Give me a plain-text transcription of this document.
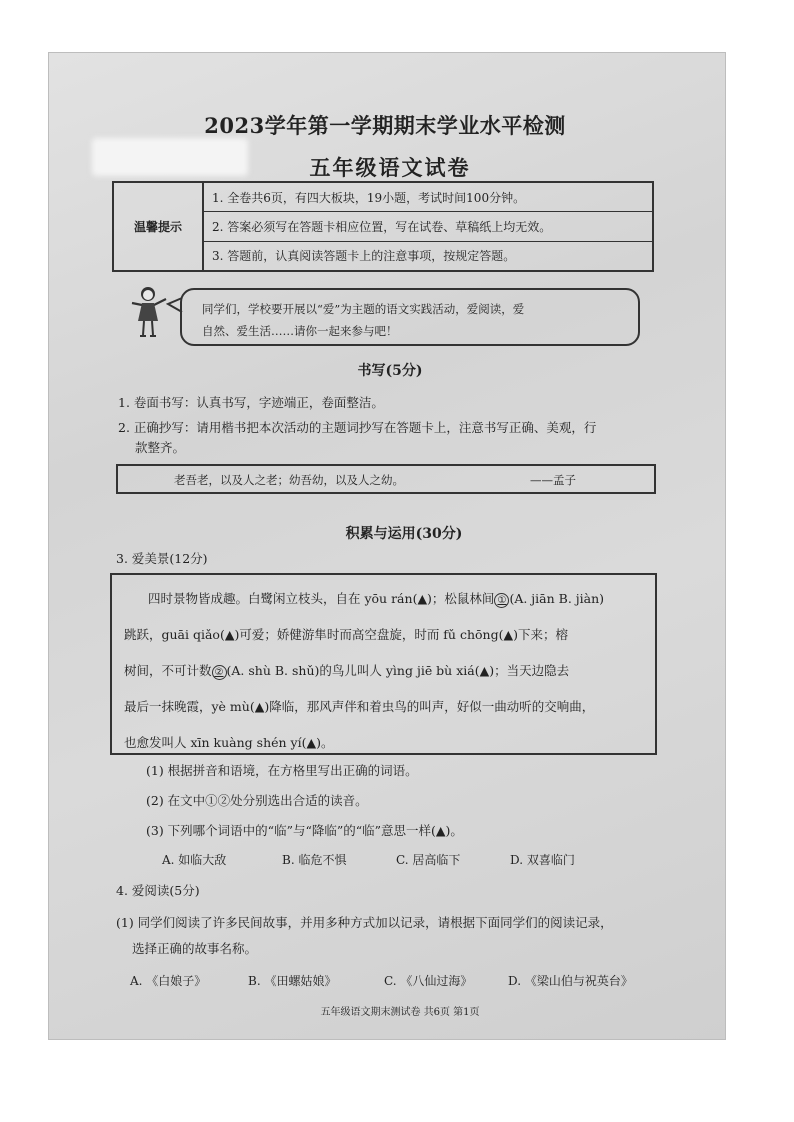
2023学年第一学期期末学业水平检测
五年级语文试卷
温馨提示
1. 全卷共6页，有四大板块，19小题，考试时间100分钟。
2. 答案必须写在答题卡相应位置，写在试卷、草稿纸上均无效。
3. 答题前，认真阅读答题卡上的注意事项，按规定答题。
同学们，学校要开展以“爱”为主题的语文实践活动，爱阅读，爱
自然、爱生活……请你一起来参与吧！
书写(5分)
1. 卷面书写：认真书写，字迹端正，卷面整洁。
2. 正确抄写：请用楷书把本次活动的主题词抄写在答题卡上，注意书写正确、美观，行
款整齐。
老吾老，以及人之老；幼吾幼，以及人之幼。	——孟子
积累与运用(30分)
3. 爱美景(12分)
四时景物皆成趣。白鹭闲立枝头，自在 yōu rán(▲)；松鼠林间 ① (A. jiān B. jiàn)
跳跃，guāi qiǎo(▲)可爱；娇健游隼时而高空盘旋，时而 fǔ chōng(▲)下来；榕
树间，不可计数 ② (A. shù B. shǔ)的鸟儿叫人 yìng jiē bù xiá(▲)；当天边隐去
最后一抹晚霞，yè mù(▲)降临，那风声伴和着虫鸟的叫声，好似一曲动听的交响曲，
也愈发叫人 xīn kuàng shén yí(▲)。
(1) 根据拼音和语境，在方格里写出正确的词语。
(2) 在文中①②处分别选出合适的读音。
(3) 下列哪个词语中的“临”与“降临”的“临”意思一样(▲)。
A. 如临大敌	B. 临危不惧	C. 居高临下	D. 双喜临门
4. 爱阅读(5分)
(1) 同学们阅读了许多民间故事，并用多种方式加以记录，请根据下面同学们的阅读记录，
选择正确的故事名称。
A. 《白娘子》	B. 《田螺姑娘》	C. 《八仙过海》	D. 《梁山伯与祝英台》
五年级语文期末测试卷 共6页 第1页
